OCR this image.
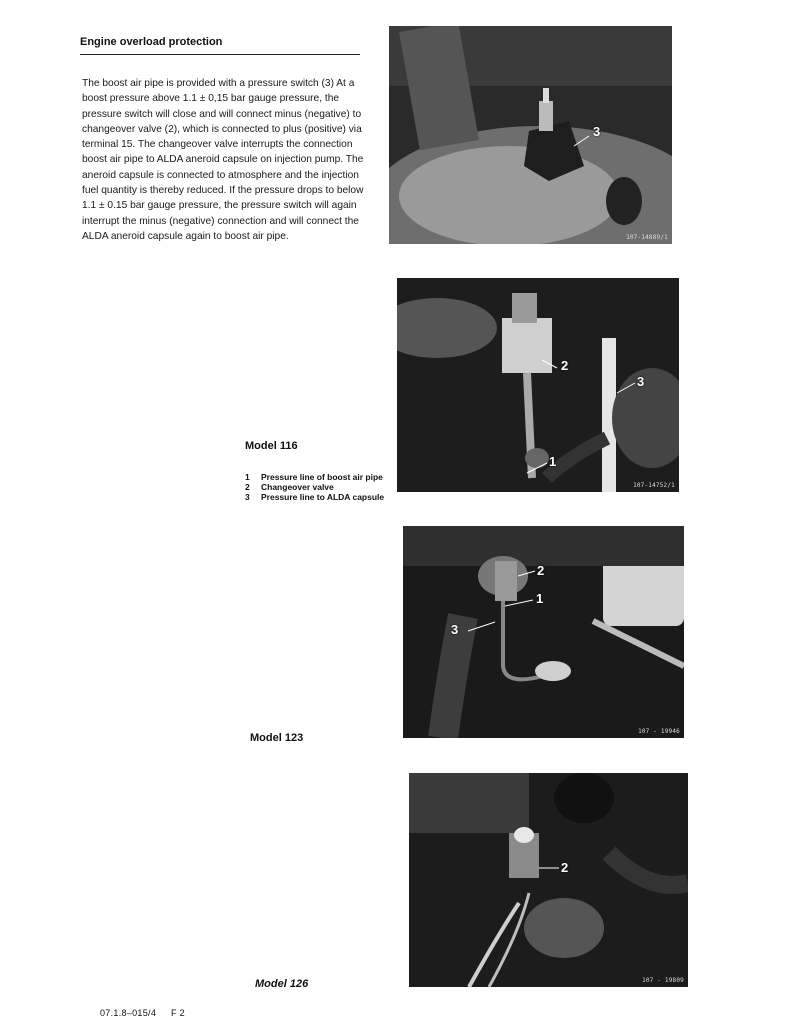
Engine overload protection

The boost air pipe is provided with a pressure switch (3) At a boost pressure above 1.1 ± 0,15 bar gauge pressure, the pressure switch will close and will connect minus (negative) to changeover valve (2), which is connected to plus (positive) via terminal 15. The changeover valve interrupts the connection boost air pipe to ALDA aneroid capsule on injection pump. The aneroid capsule is connected to atmosphere and the injection fuel quantity is thereby reduced. If the pressure drops to below 1.1 ± 0.15 bar gauge pressure, the pressure switch will again interrupt the minus (negative) connection and will connect the ALDA aneroid capsule again to boost air pipe.

3
107-14889/1
2
3
1
107-14752/1
2
1
3
107 - 19946
2
107 - 19809
Model 116
1	Pressure line of boost air pipe
2	Changeover valve
3	Pressure line to ALDA capsule
Model 123
Model 126
07.1.8–015/4 F 2
